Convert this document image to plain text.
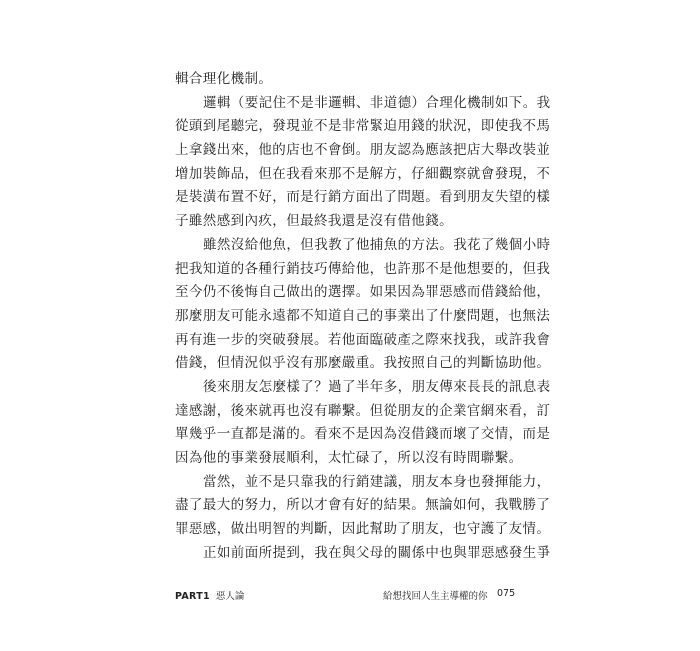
輯合理化機制。
邏輯（要記住不是非邏輯、非道德）合理化機制如下。我
從頭到尾聽完，發現並不是非常緊迫用錢的狀況，即使我不馬
上拿錢出來，他的店也不會倒。朋友認為應該把店大舉改裝並
增加裝飾品，但在我看來那不是解方，仔細觀察就會發現，不
是裝潢布置不好，而是行銷方面出了問題。看到朋友失望的樣
子雖然感到內疚，但最終我還是沒有借他錢。
雖然沒給他魚，但我教了他捕魚的方法。我花了幾個小時
把我知道的各種行銷技巧傳給他，也許那不是他想要的，但我
至今仍不後悔自己做出的選擇。如果因為罪惡感而借錢給他，
那麼朋友可能永遠都不知道自己的事業出了什麼問題，也無法
再有進一步的突破發展。若他面臨破產之際來找我，或許我會
借錢，但情況似乎沒有那麼嚴重。我按照自己的判斷協助他。
後來朋友怎麼樣了？過了半年多，朋友傳來長長的訊息表
達感謝，後來就再也沒有聯繫。但從朋友的企業官網來看，訂
單幾乎一直都是滿的。看來不是因為沒借錢而壞了交情，而是
因為他的事業發展順利，太忙碌了，所以沒有時間聯繫。
當然，並不是只靠我的行銷建議，朋友本身也發揮能力，
盡了最大的努力，所以才會有好的結果。無論如何，我戰勝了
罪惡感，做出明智的判斷，因此幫助了朋友，也守護了友情。
正如前面所提到，我在與父母的關係中也與罪惡感發生爭
PART1 惡人論	給想找回人生主導權的你 075
